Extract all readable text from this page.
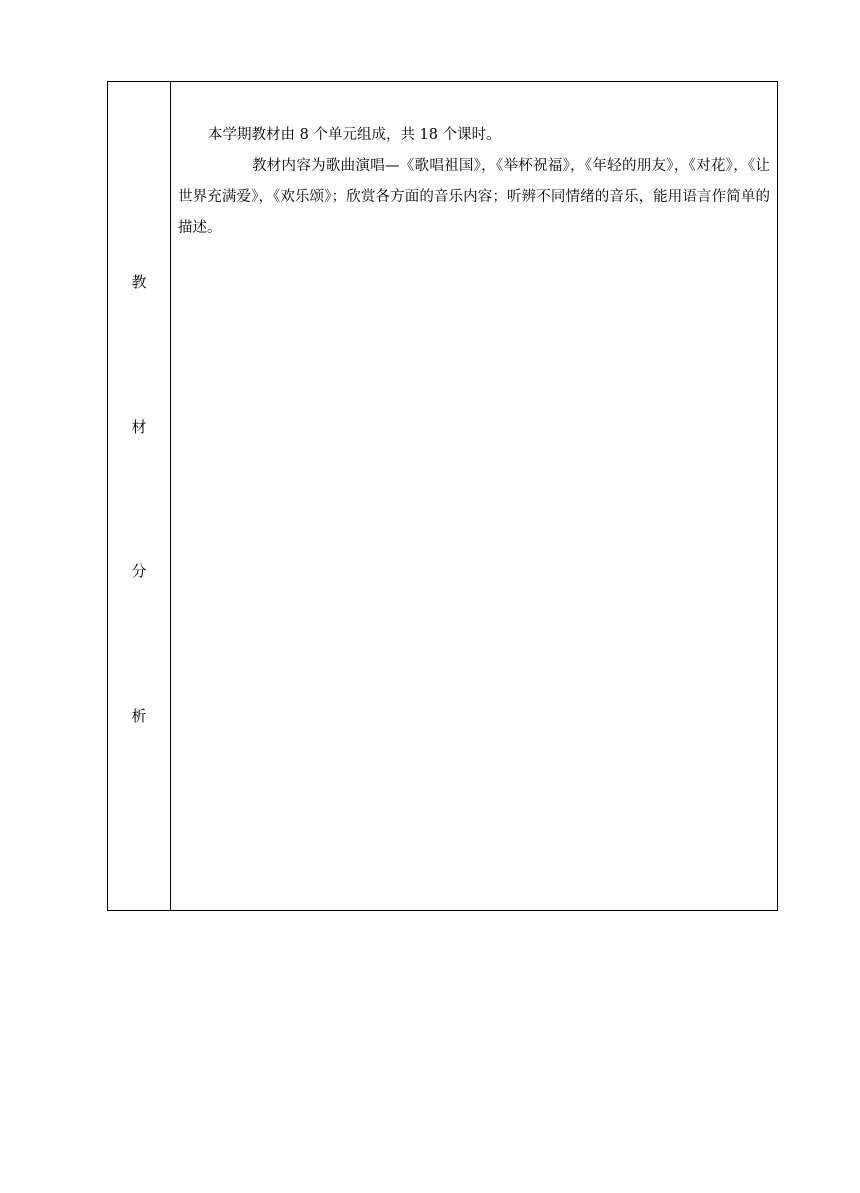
教
材
分
析

本学期教材由 8 个单元组成，共 18 个课时。

教材内容为歌曲演唱—《歌唱祖国》，《举杯祝福》，《年轻的朋友》，《对花》，《让世界充满爱》，《欢乐颂》；欣赏各方面的音乐内容；听辨不同情绪的音乐，能用语言作简单的描述。
